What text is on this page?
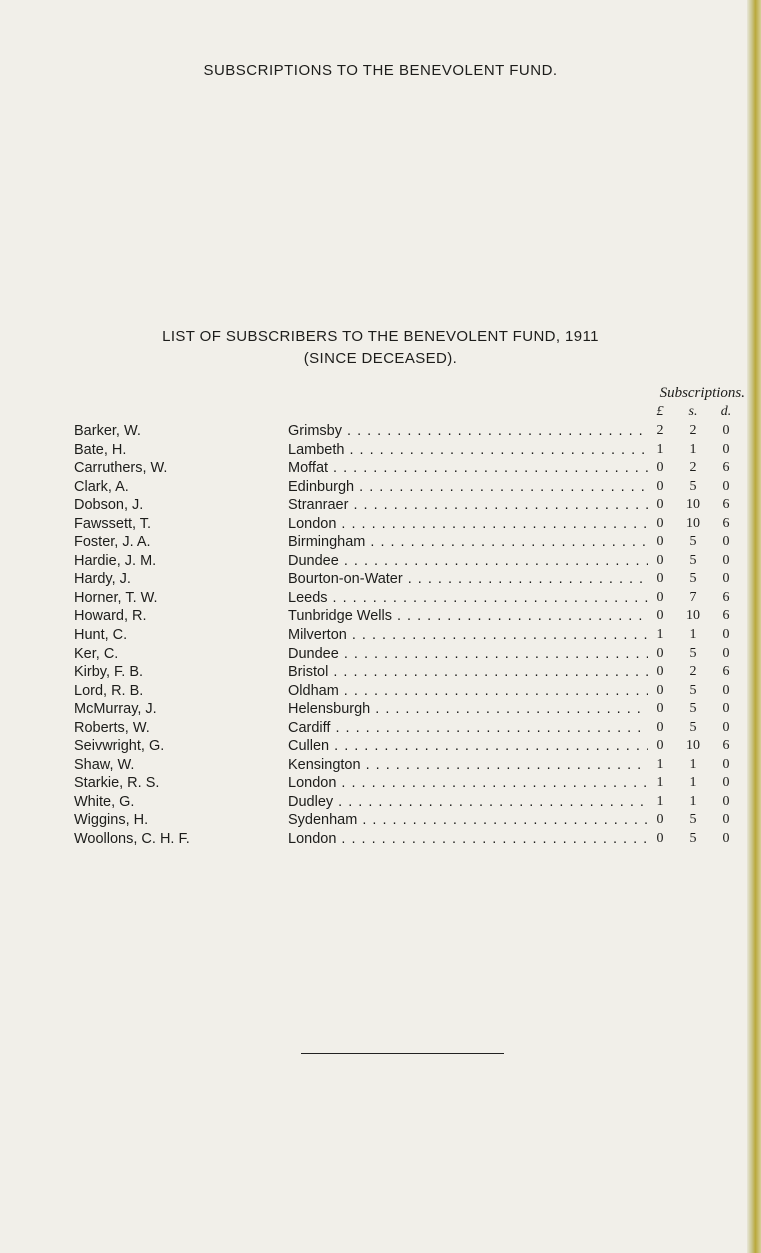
SUBSCRIPTIONS TO THE BENEVOLENT FUND.
LIST OF SUBSCRIBERS TO THE BENEVOLENT FUND, 1911
(SINCE DECEASED).
Subscriptions.
£	s.	d.
Barker, W.	Grimsby . . .	2	2	0
Bate, H.	Lambeth . . .	1	1	0
Carruthers, W.	Moffat . . .	0	2	6
Clark, A.	Edinburgh . . .	0	5	0
Dobson, J.	Stranraer . . .	0	10	6
Fawssett, T.	London . . .	0	10	6
Foster, J. A.	Birmingham . . .	0	5	0
Hardie, J. M.	Dundee . . .	0	5	0
Hardy, J.	Bourton-on-Water . . .	0	5	0
Horner, T. W.	Leeds . . .	0	7	6
Howard, R.	Tunbridge Wells . . .	0	10	6
Hunt, C.	Milverton . . .	1	1	0
Ker, C.	Dundee . . .	0	5	0
Kirby, F. B.	Bristol . . .	0	2	6
Lord, R. B.	Oldham . . .	0	5	0
McMurray, J.	Helensburgh . . .	0	5	0
Roberts, W.	Cardiff . . .	0	5	0
Seivwright, G.	Cullen . . .	0	10	6
Shaw, W.	Kensington . . .	1	1	0
Starkie, R. S.	London . . .	1	1	0
White, G.	Dudley . . .	1	1	0
Wiggins, H.	Sydenham . . .	0	5	0
Woollons, C. H. F.	London . . .	0	5	0
